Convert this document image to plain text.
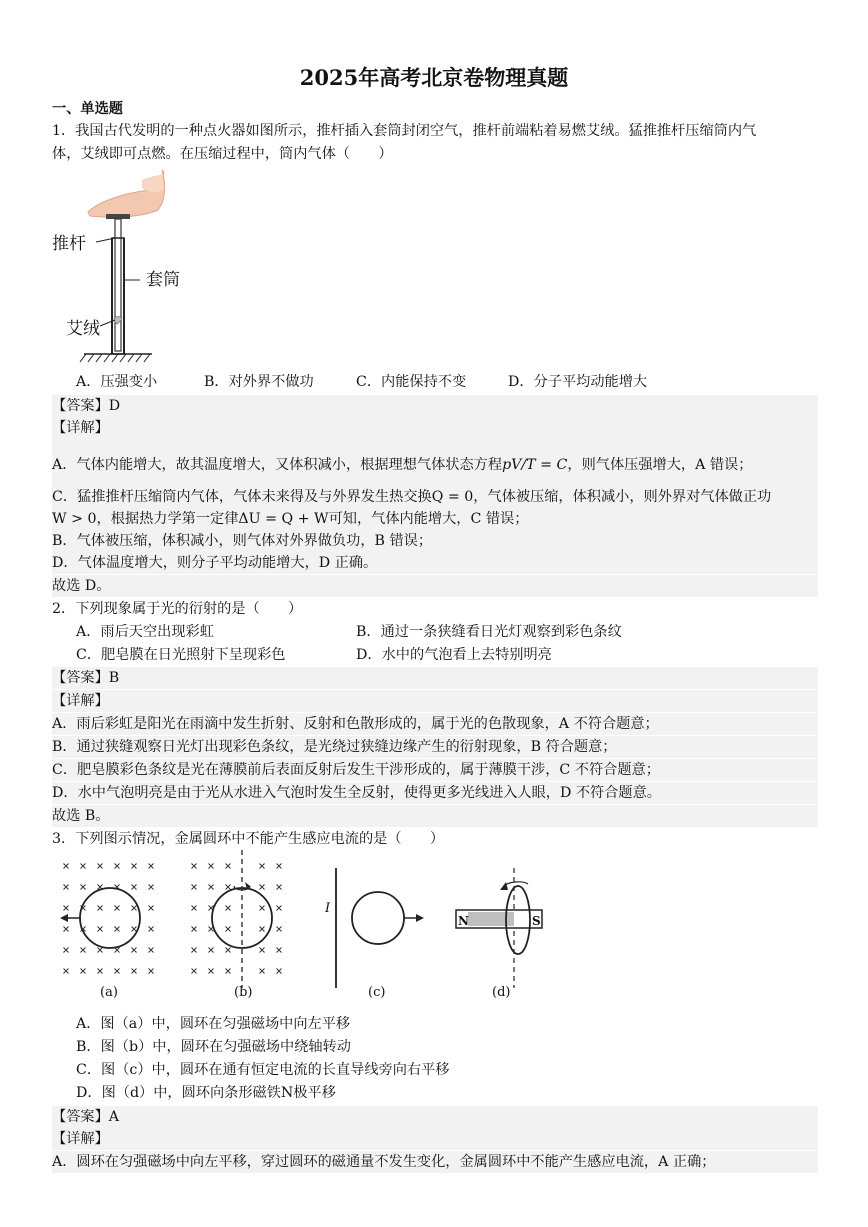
2025年高考北京卷物理真题
一、单选题
1．我国古代发明的一种点火器如图所示，推杆插入套筒封闭空气，推杆前端粘着易燃艾绒。猛推推杆压缩筒内气
体，艾绒即可点燃。在压缩过程中，筒内气体（　　）
推杆
套筒
艾绒
A．压强变小	B．对外界不做功	C．内能保持不变	D．分子平均动能增大
【答案】D
【详解】
A．气体内能增大，故其温度增大，又体积减小，根据理想气体状态方程pV/T = C，则气体压强增大，A 错误；
C．猛推推杆压缩筒内气体，气体未来得及与外界发生热交换Q = 0，气体被压缩，体积减小，则外界对气体做正功
W > 0，根据热力学第一定律ΔU = Q + W可知，气体内能增大，C 错误；
B．气体被压缩，体积减小，则气体对外界做负功，B 错误；
D．气体温度增大，则分子平均动能增大，D 正确。
故选 D。
2．下列现象属于光的衍射的是（　　）
A．雨后天空出现彩虹	B．通过一条狭缝看日光灯观察到彩色条纹
C．肥皂膜在日光照射下呈现彩色	D．水中的气泡看上去特别明亮
【答案】B
【详解】
A．雨后彩虹是阳光在雨滴中发生折射、反射和色散形成的，属于光的色散现象，A 不符合题意；
B．通过狭缝观察日光灯出现彩色条纹，是光绕过狭缝边缘产生的衍射现象，B 符合题意；
C．肥皂膜彩色条纹是光在薄膜前后表面反射后发生干涉形成的，属于薄膜干涉，C 不符合题意；
D．水中气泡明亮是由于光从水进入气泡时发生全反射，使得更多光线进入人眼，D 不符合题意。
故选 B。
3．下列图示情况，金属圆环中不能产生感应电流的是（　　）
I
N	S
(a)	(b)	(c)	(d)
A．图（a）中，圆环在匀强磁场中向左平移
B．图（b）中，圆环在匀强磁场中绕轴转动
C．图（c）中，圆环在通有恒定电流的长直导线旁向右平移
D．图（d）中，圆环向条形磁铁N极平移
【答案】A
【详解】
A．圆环在匀强磁场中向左平移，穿过圆环的磁通量不发生变化，金属圆环中不能产生感应电流，A 正确；
